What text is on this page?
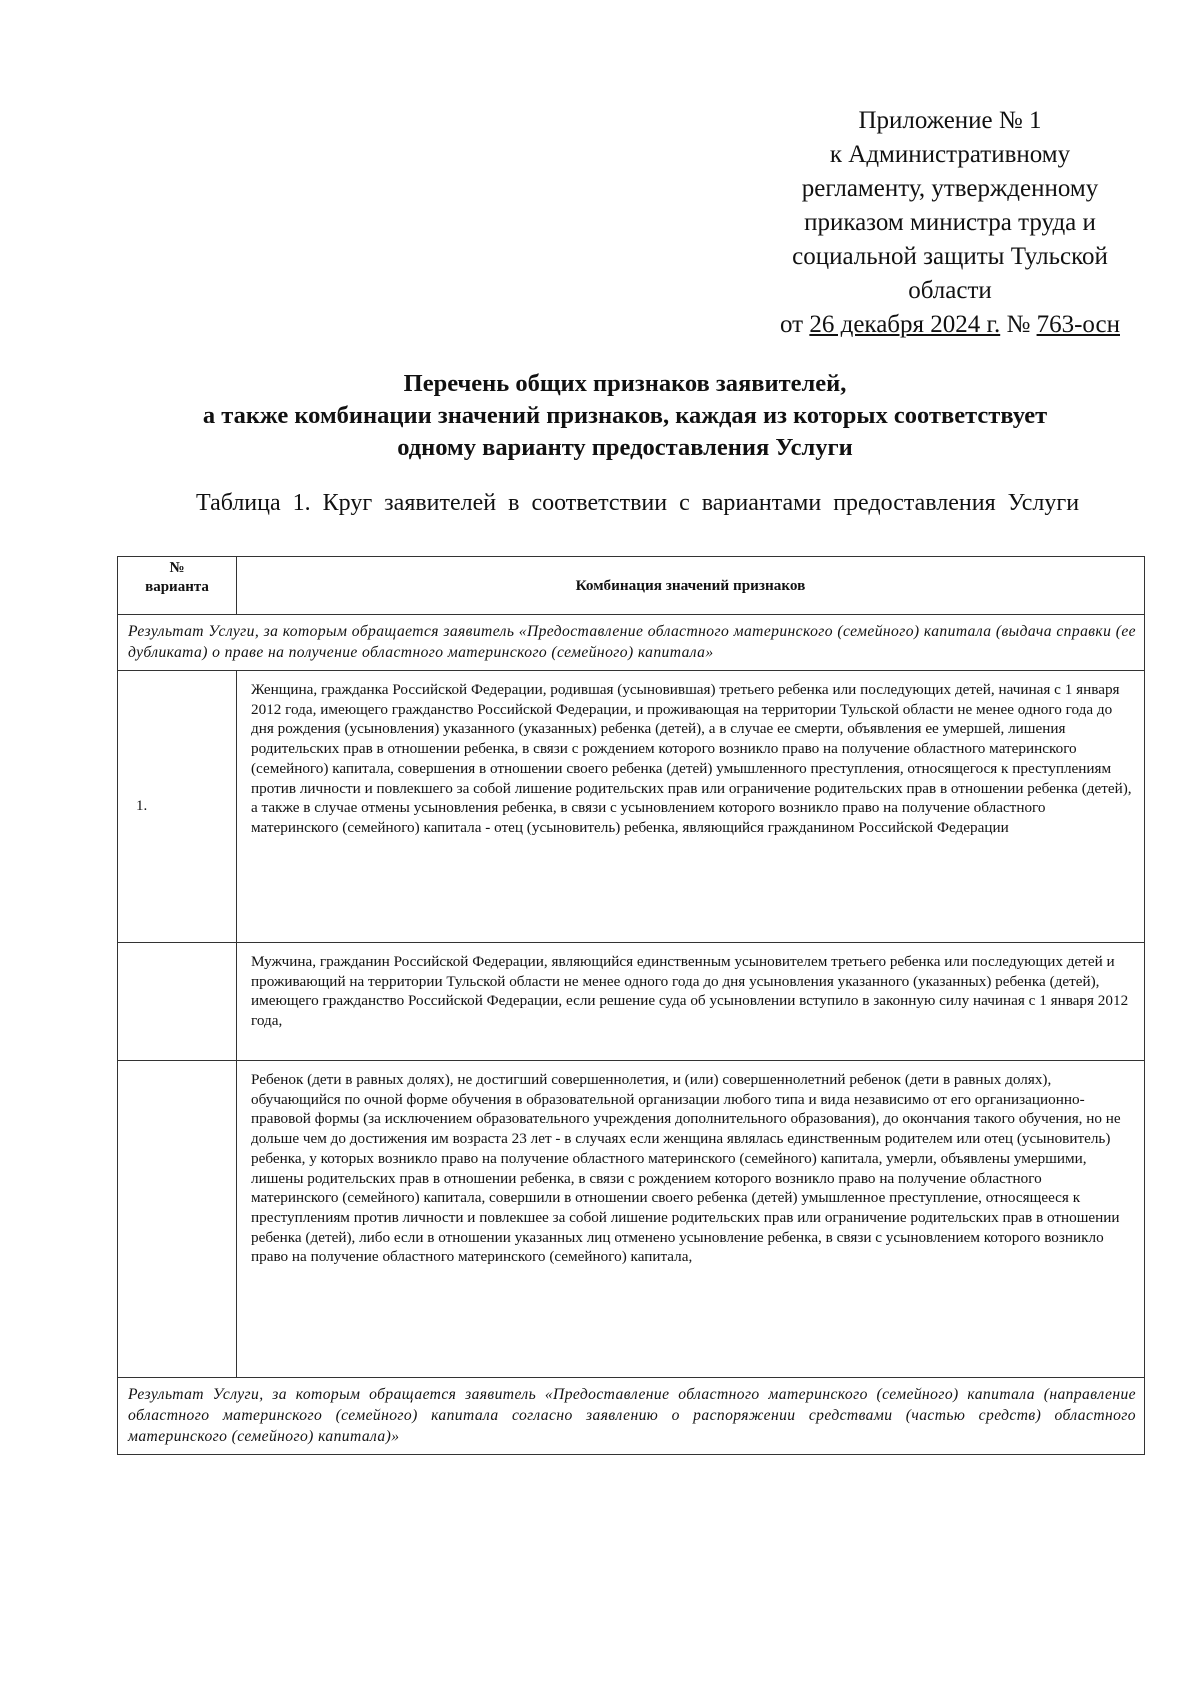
Приложение № 1
к Административному
регламенту, утвержденному
приказом министра труда и
социальной защиты Тульской
области
от 26 декабря 2024 г. № 763-осн
Перечень общих признаков заявителей,
а также комбинации значений признаков, каждая из которых соответствует
одному варианту предоставления Услуги
Таблица 1. Круг заявителей в соответствии с вариантами предоставления Услуги
№
варианта	Комбинация значений признаков
Результат Услуги, за которым обращается заявитель «Предоставление областного материнского (семейного) капитала (выдача справки (ее дубликата) о праве на получение областного материнского (семейного) капитала»
1.
Женщина, гражданка Российской Федерации, родившая (усыновившая) третьего ребенка или последующих детей, начиная с 1 января 2012 года, имеющего гражданство Российской Федерации, и проживающая на территории Тульской области не менее одного года до дня рождения (усыновления) указанного (указанных) ребенка (детей), а в случае ее смерти, объявления ее умершей, лишения родительских прав в отношении ребенка, в связи с рождением которого возникло право на получение областного материнского (семейного) капитала, совершения в отношении своего ребенка (детей) умышленного преступления, относящегося к преступлениям против личности и повлекшего за собой лишение родительских прав или ограничение родительских прав в отношении ребенка (детей), а также в случае отмены усыновления ребенка, в связи с усыновлением которого возникло право на получение областного материнского (семейного) капитала - отец (усыновитель) ребенка, являющийся гражданином Российской Федерации
Мужчина, гражданин Российской Федерации, являющийся единственным усыновителем третьего ребенка или последующих детей и проживающий на территории Тульской области не менее одного года до дня усыновления указанного (указанных) ребенка (детей), имеющего гражданство Российской Федерации, если решение суда об усыновлении вступило в законную силу начиная с 1 января 2012 года,
Ребенок (дети в равных долях), не достигший совершеннолетия, и (или) совершеннолетний ребенок (дети в равных долях), обучающийся по очной форме обучения в образовательной организации любого типа и вида независимо от его организационно-правовой формы (за исключением образовательного учреждения дополнительного образования), до окончания такого обучения, но не дольше чем до достижения им возраста 23 лет - в случаях если женщина являлась единственным родителем или отец (усыновитель) ребенка, у которых возникло право на получение областного материнского (семейного) капитала, умерли, объявлены умершими, лишены родительских прав в отношении ребенка, в связи с рождением которого возникло право на получение областного материнского (семейного) капитала, совершили в отношении своего ребенка (детей) умышленное преступление, относящееся к преступлениям против личности и повлекшее за собой лишение родительских прав или ограничение родительских прав в отношении ребенка (детей), либо если в отношении указанных лиц отменено усыновление ребенка, в связи с усыновлением которого возникло право на получение областного материнского (семейного) капитала,
Результат Услуги, за которым обращается заявитель «Предоставление областного материнского (семейного) капитала (направление областного материнского (семейного) капитала согласно заявлению о распоряжении средствами (частью средств) областного материнского (семейного) капитала)»
